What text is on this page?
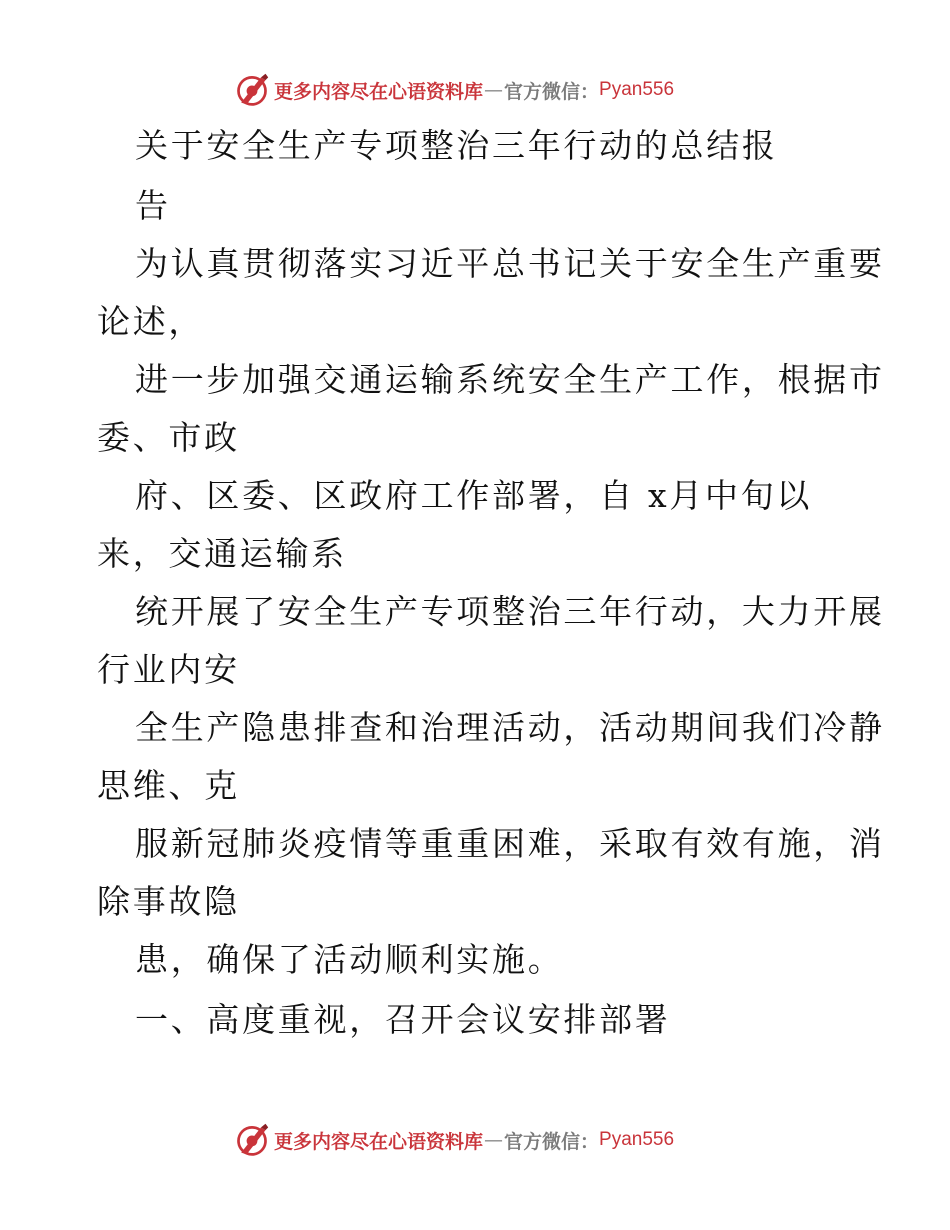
更多内容尽在心语资料库 — 官方微信： Pyan556
关于安全生产专项整治三年行动的总结报
告
为认真贯彻落实习近平总书记关于安全生产重要
论述，
进一步加强交通运输系统安全生产工作，根据市
委、市政
府、区委、区政府工作部署，自 x月中旬以
来，交通运输系
统开展了安全生产专项整治三年行动，大力开展
行业内安
全生产隐患排查和治理活动，活动期间我们冷静
思维、克
服新冠肺炎疫情等重重困难，采取有效有施，消
除事故隐
患，确保了活动顺利实施。
一、高度重视，召开会议安排部署
更多内容尽在心语资料库 — 官方微信： Pyan556
